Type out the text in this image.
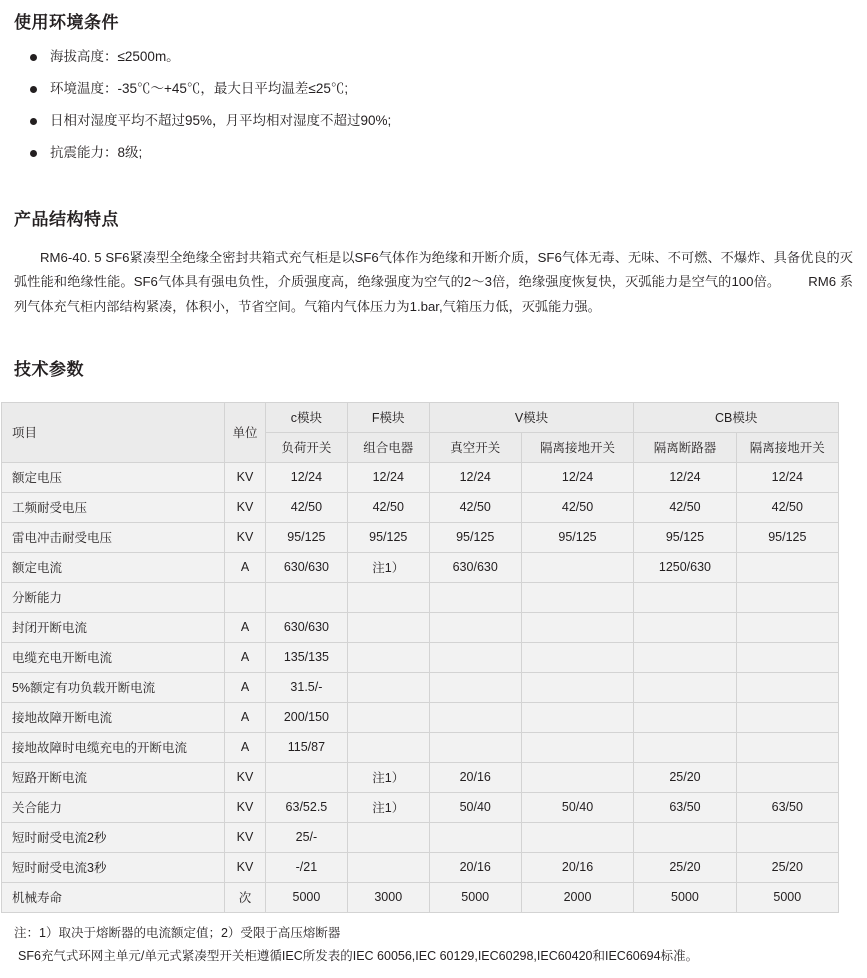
使用环境条件
海拔高度：≤2500m。
环境温度：-35℃～+45℃，最大日平均温差≤25℃;
日相对湿度平均不超过95%，月平均相对湿度不超过90%;
抗震能力：8级;
产品结构特点
RM6-40. 5 SF6紧凑型全绝缘全密封共箱式充气柜是以SF6气体作为绝缘和开断介质，SF6气体无毒、无味、不可燃、不爆炸、具备优良的灭弧性能和绝缘性能。SF6气体具有强电负性，介质强度高，绝缘强度为空气的2～3倍，绝缘强度恢复快，灭弧能力是空气的100倍。 RM6 系列气体充气柜内部结构紧凑，体积小，节省空间。气箱内气体压力为1.bar,气箱压力低，灭弧能力强。
技术参数
项目	单位	c模块	F模块	V模块		CB模块	
		负荷开关	组合电器	真空开关	隔离接地开关	隔离断路器	隔离接地开关
额定电压	KV	12/24	12/24	12/24	12/24	12/24	12/24
工频耐受电压	KV	42/50	42/50	42/50	42/50	42/50	42/50
雷电冲击耐受电压	KV	95/125	95/125	95/125	95/125	95/125	95/125
额定电流	A	630/630	注1）	630/630		1250/630	
分断能力							
封闭开断电流	A	630/630					
电缆充电开断电流	A	135/135					
5%额定有功负载开断电流	A	31.5/-					
接地故障开断电流	A	200/150					
接地故障时电缆充电的开断电流	A	115/87					
短路开断电流	KV		注1）	20/16		25/20	
关合能力	KV	63/52.5	注1）	50/40	50/40	63/50	63/50
短时耐受电流2秒	KV	25/-					
短时耐受电流3秒	KV	-/21		20/16	20/16	25/20	25/20
机械寿命	次	5000	3000	5000	2000	5000	5000
注：1）取决于熔断器的电流额定值；2）受限于高压熔断器
SF6充气式环网主单元/单元式紧凑型开关柜遵循IEC所发表的IEC 60056,IEC 60129,IEC60298,IEC60420和IEC60694标准。
